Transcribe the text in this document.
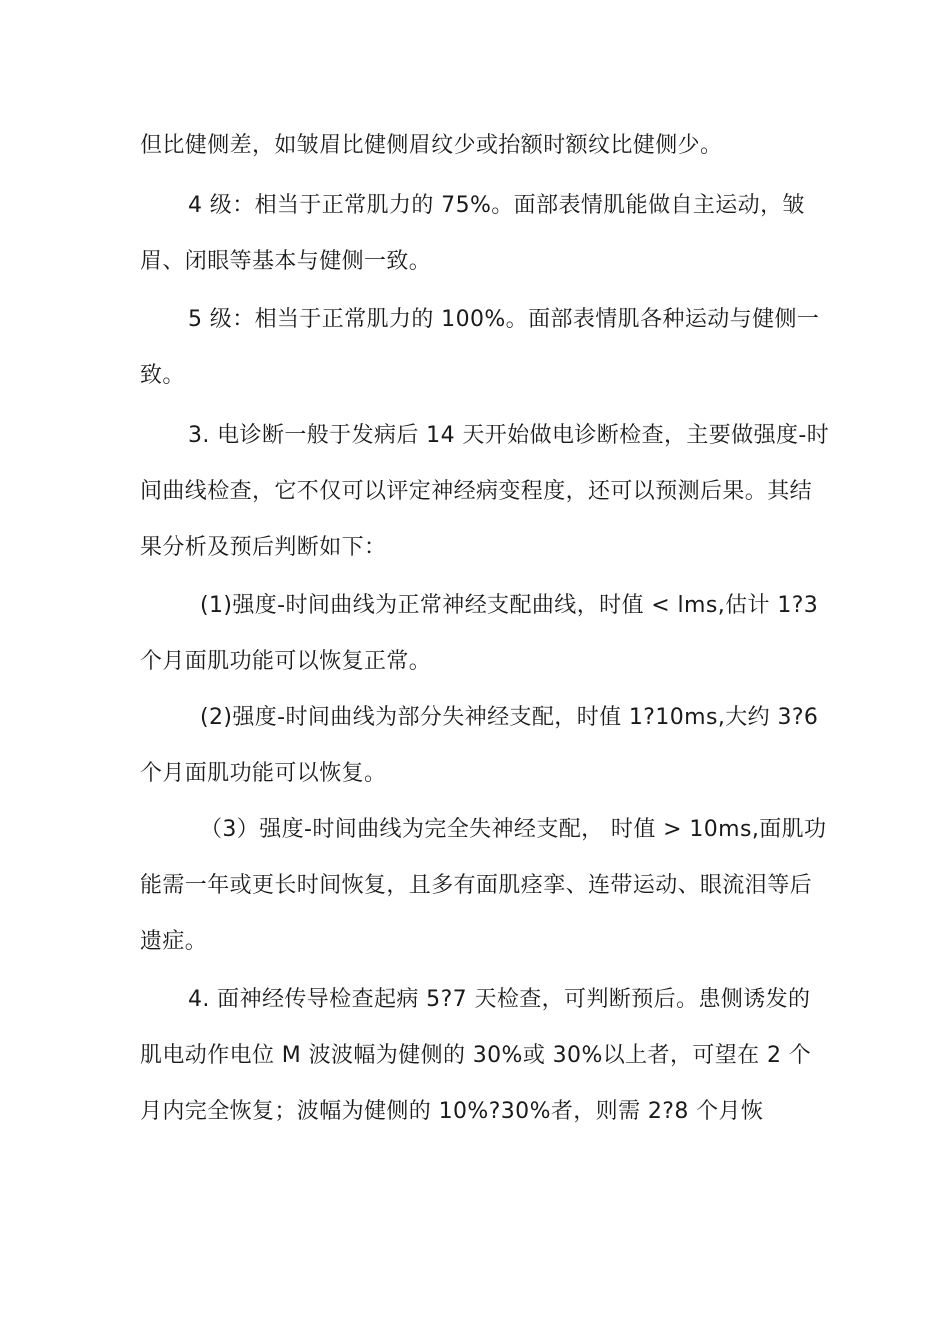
但比健侧差，如皱眉比健侧眉纹少或抬额时额纹比健侧少。

4 级：相当于正常肌力的 75%。面部表情肌能做自主运动，皱眉、闭眼等基本与健侧一致。

5 级：相当于正常肌力的 100%。面部表情肌各种运动与健侧一致。

3. 电诊断一般于发病后 14 天开始做电诊断检查，主要做强度-时间曲线检查，它不仅可以评定神经病变程度，还可以预测后果。其结果分析及预后判断如下：

(1)强度-时间曲线为正常神经支配曲线，时值 < lms,估计 1?3 个月面肌功能可以恢复正常。

(2)强度-时间曲线为部分失神经支配，时值 1?10ms,大约 3?6 个月面肌功能可以恢复。

（3）强度-时间曲线为完全失神经支配， 时值 > 10ms,面肌功能需一年或更长时间恢复，且多有面肌痉挛、连带运动、眼流泪等后遗症。

4. 面神经传导检查起病 5?7 天检查，可判断预后。患侧诱发的肌电动作电位 M 波波幅为健侧的 30%或 30%以上者，可望在 2 个月内完全恢复；波幅为健侧的 10%?30%者，则需 2?8 个月恢
